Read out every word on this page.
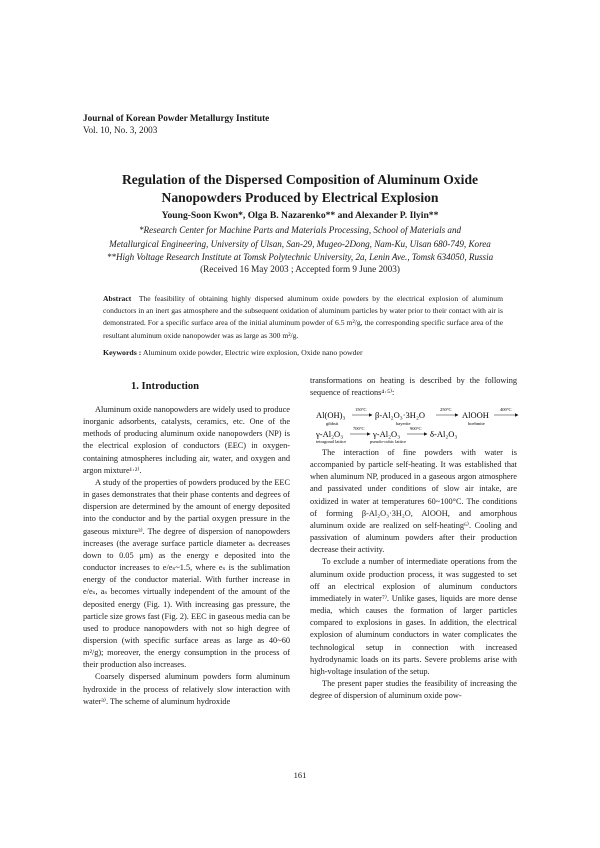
Journal of Korean Powder Metallurgy Institute
Vol. 10, No. 3, 2003
Regulation of the Dispersed Composition of Aluminum Oxide
Nanopowders Produced by Electrical Explosion
Young-Soon Kwon*, Olga B. Nazarenko** and Alexander P. Ilyin**
*Research Center for Machine Parts and Materials Processing, School of Materials and
Metallurgical Engineering, University of Ulsan, San-29, Mugeo-2Dong, Nam-Ku, Ulsan 680-749, Korea
**High Voltage Research Institute at Tomsk Polytechnic University, 2a, Lenin Ave., Tomsk 634050, Russia
(Received 16 May 2003 ; Accepted form 9 June 2003)
Abstract The feasibility of obtaining highly dispersed aluminum oxide powders by the electrical explosion of aluminum conductors in an inert gas atmosphere and the subsequent oxidation of aluminum particles by water prior to their contact with air is demonstrated. For a specific surface area of the initial aluminum powder of 6.5 m²/g, the corresponding specific surface area of the resultant aluminum oxide nanopowder was as large as 300 m²/g.
Keywords : Aluminum oxide powder, Electric wire explosion, Oxide nano powder
1. Introduction

Aluminum oxide nanopowders are widely used to produce inorganic adsorbents, catalysts, ceramics, etc. One of the methods of producing aluminum oxide nanopowders (NP) is the electrical explosion of conductors (EEC) in oxygen-containing atmospheres including air, water, and oxygen and argon mixture¹·²⁾.

A study of the properties of powders produced by the EEC in gases demonstrates that their phase contents and degrees of dispersion are determined by the amount of energy deposited into the conductor and by the partial oxygen pressure in the gaseous mixture³⁾. The degree of dispersion of nanopowders increases (the average surface particle diameter aₛ decreases down to 0.05 μm) as the energy e deposited into the conductor increases to e/eₛ~1.5, where eₛ is the sublimation energy of the conductor material. With further increase in e/eₛ, aₛ becomes virtually independent of the amount of the deposited energy (Fig. 1). With increasing gas pressure, the particle size grows fast (Fig. 2). EEC in gaseous media can be used to produce nanopowders with not so high degree of dispersion (with specific surface areas as large as 40~60 m²/g); moreover, the energy consumption in the process of their production also increases.

Coarsely dispersed aluminum powders form aluminum hydroxide in the process of relatively slow interaction with water³⁾. The scheme of aluminum hydroxide

transformations on heating is described by the following sequence of reactions⁴·⁵⁾:

Al(OH)₃
gibbsit
150°C
β-Al₂O₃·3H₂O
bayerite
250°C
AlOOH
boehmite
400°C
γ-Al₂O₃
tetragonal lattice
700°C
γ-Al₂O₃
pseudo-cubic lattice
900°C
δ-Al₂O₃

The interaction of fine powders with water is accompanied by particle self-heating. It was established that when aluminum NP, produced in a gaseous argon atmosphere and passivated under conditions of slow air intake, are oxidized in water at temperatures 60~100°C. The conditions of forming β-Al₂O₃·3H₂O, AlOOH, and amorphous aluminum oxide are realized on self-heating⁶⁾. Cooling and passivation of aluminum powders after their production decrease their activity.

To exclude a number of intermediate operations from the aluminum oxide production process, it was suggested to set off an electrical explosion of aluminum conductors immediately in water⁷⁾. Unlike gases, liquids are more dense media, which causes the formation of larger particles compared to explosions in gases. In addition, the electrical explosion of aluminum conductors in water complicates the technological setup in connection with increased hydrodynamic loads on its parts. Severe problems arise with high-voltage insulation of the setup.

The present paper studies the feasibility of increasing the degree of dispersion of aluminum oxide pow-

161
